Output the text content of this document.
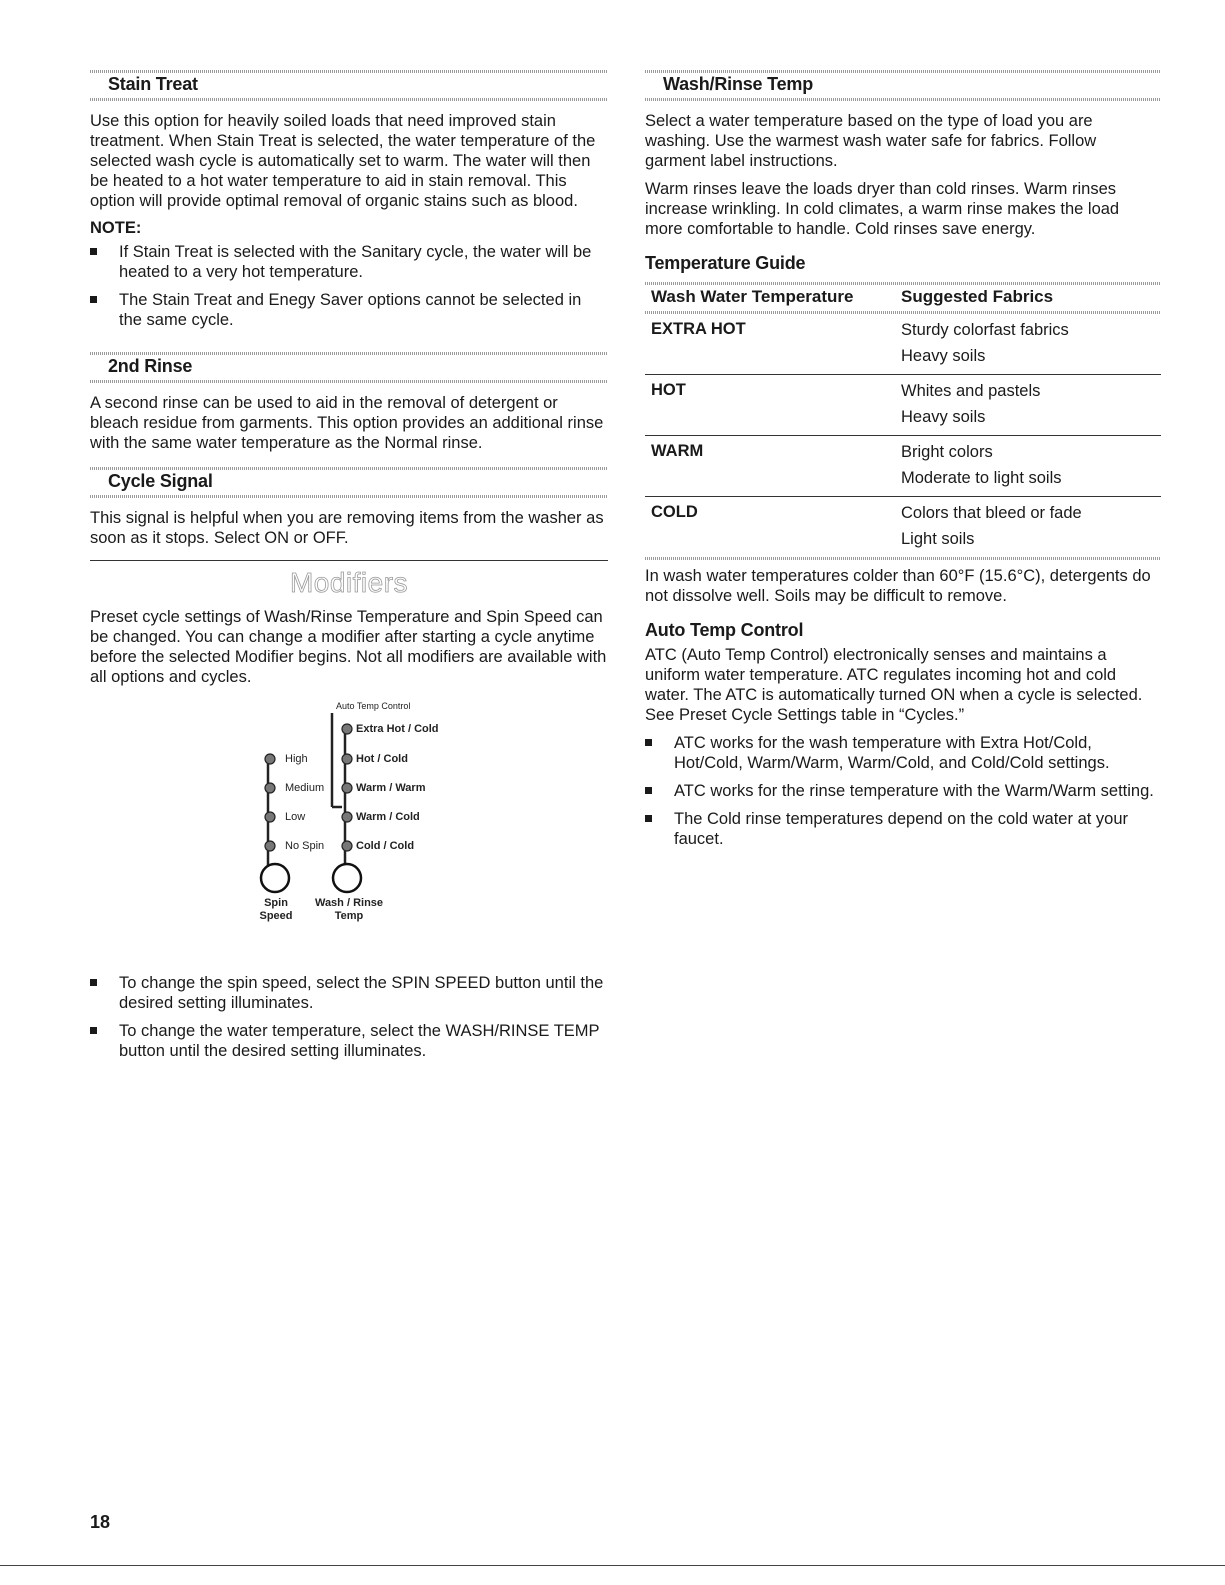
Stain Treat

Use this option for heavily soiled loads that need improved stain treatment. When Stain Treat is selected, the water temperature of the selected wash cycle is automatically set to warm. The water will then be heated to a hot water temperature to aid in stain removal. This option will provide optimal removal of organic stains such as blood.

NOTE:
If Stain Treat is selected with the Sanitary cycle, the water will be heated to a very hot temperature.
The Stain Treat and Enegy Saver options cannot be selected in the same cycle.
2nd Rinse

A second rinse can be used to aid in the removal of detergent or bleach residue from garments. This option provides an additional rinse with the same water temperature as the Normal rinse.

Cycle Signal

This signal is helpful when you are removing items from the washer as soon as it stops. Select ON or OFF.

Modifiers

Preset cycle settings of Wash/Rinse Temperature and Spin Speed can be changed. You can change a modifier after starting a cycle anytime before the selected Modifier begins. Not all modifiers are available with all options and cycles.

Auto Temp Control
High
Medium
Low
No Spin
Extra Hot / Cold
Hot / Cold
Warm / Warm
Warm / Cold
Cold / Cold
Spin
Speed
Wash / Rinse
Temp
To change the spin speed, select the SPIN SPEED button until the desired setting illuminates.
To change the water temperature, select the WASH/RINSE TEMP button until the desired setting illuminates.
Wash/Rinse Temp

Select a water temperature based on the type of load you are washing. Use the warmest wash water safe for fabrics. Follow garment label instructions.

Warm rinses leave the loads dryer than cold rinses. Warm rinses increase wrinkling. In cold climates, a warm rinse makes the load more comfortable to handle. Cold rinses save energy.

Temperature Guide
Wash Water Temperature	Suggested Fabrics
EXTRA HOT	Sturdy colorfast fabrics
Heavy soils
HOT	Whites and pastels
Heavy soils
WARM	Bright colors
Moderate to light soils
COLD	Colors that bleed or fade
Light soils

In wash water temperatures colder than 60°F (15.6°C), detergents do not dissolve well. Soils may be difficult to remove.

Auto Temp Control

ATC (Auto Temp Control) electronically senses and maintains a uniform water temperature. ATC regulates incoming hot and cold water. The ATC is automatically turned ON when a cycle is selected. See Preset Cycle Settings table in “Cycles.”

ATC works for the wash temperature with Extra Hot/Cold, Hot/Cold, Warm/Warm, Warm/Cold, and Cold/Cold settings.
ATC works for the rinse temperature with the Warm/Warm setting.
The Cold rinse temperatures depend on the cold water at your faucet.
18
